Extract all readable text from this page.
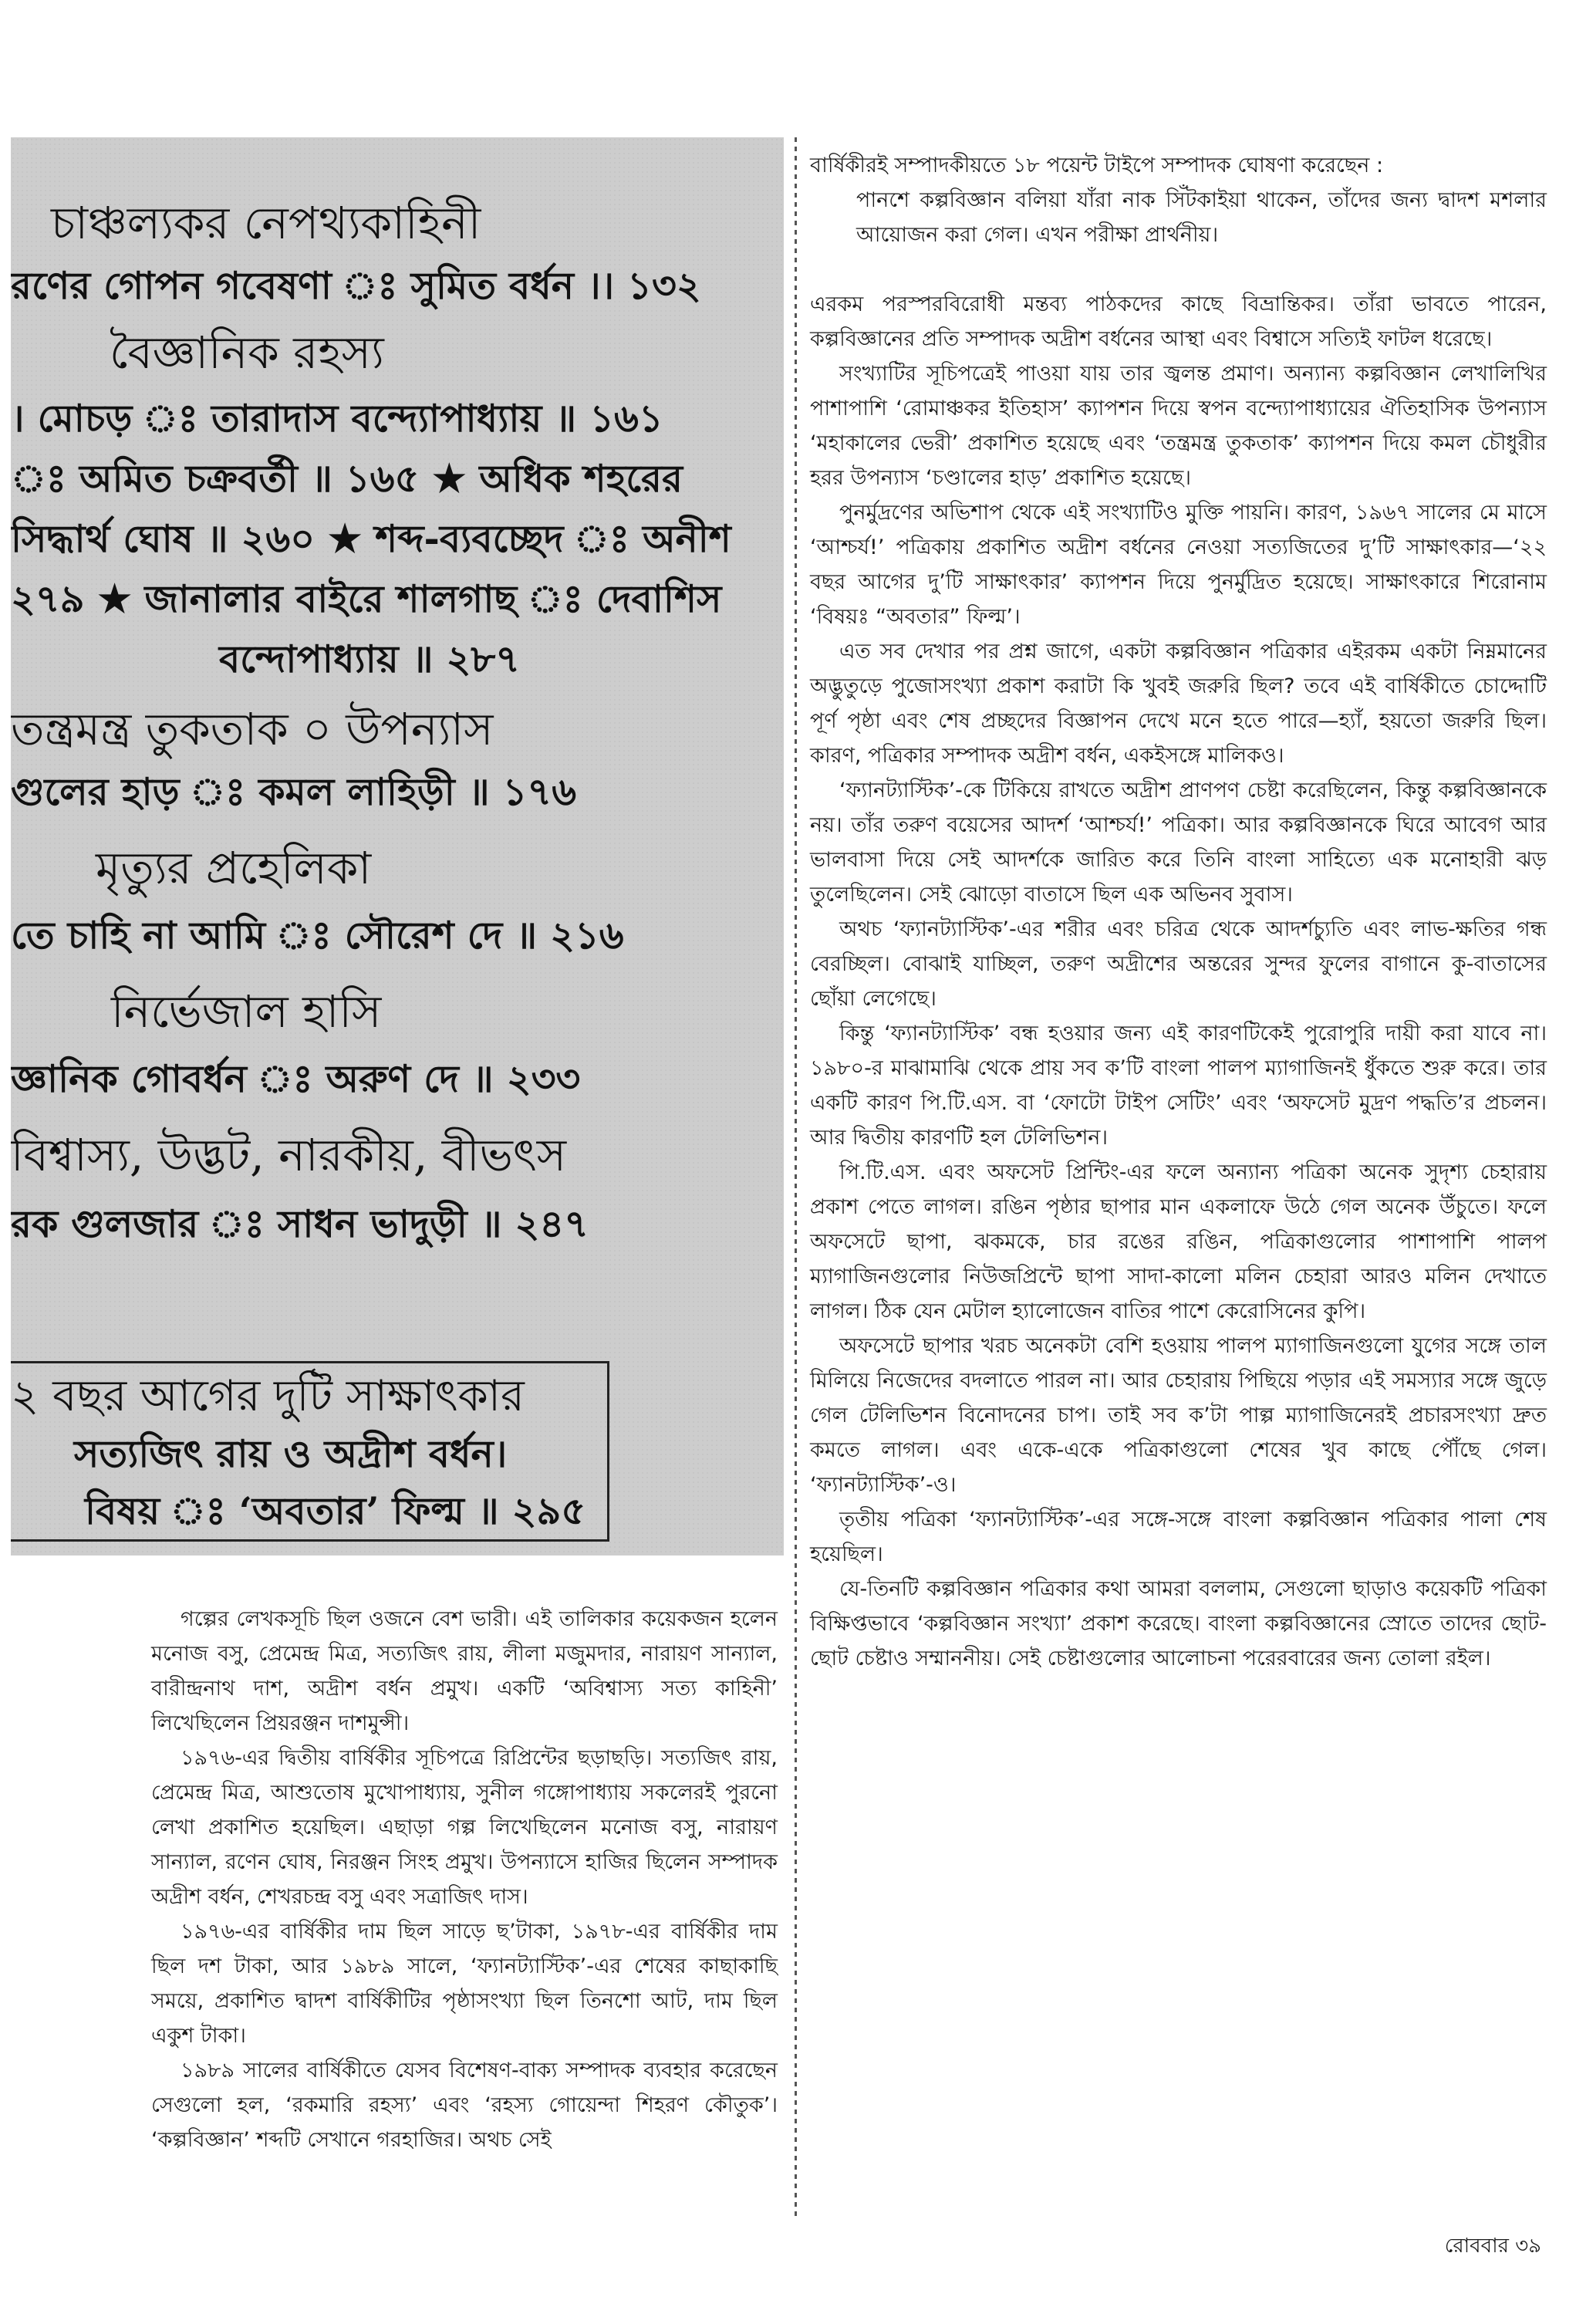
চাঞ্চল্যকর নেপথ্যকাহিনী
রণের গোপন গবেষণা ঃ সুমিত বর্ধন ।। ১৩২
বৈজ্ঞানিক রহস্য
। মোচড় ঃ তারাদাস বন্দ্যোপাধ্যায় ॥ ১৬১
ঃ অমিত চক্রবর্তী ॥ ১৬৫ ★ অধিক শহরের
সিদ্ধার্থ ঘোষ ॥ ২৬০ ★ শব্দ-ব্যবচ্ছেদ ঃ অনীশ
২৭৯ ★ জানালার বাইরে শালগাছ ঃ দেবাশিস
বন্দোপাধ্যায় ॥ ২৮৭
তন্ত্রমন্ত্র তুকতাক ০ উপন্যাস
গুলের হাড় ঃ কমল লাহিড়ী ॥ ১৭৬
মৃত্যুর প্রহেলিকা
তে চাহি না আমি ঃ সৌরেশ দে ॥ ২১৬
নির্ভেজাল হাসি
জ্ঞানিক গোবর্ধন ঃ অরুণ দে ॥ ২৩৩
বিশ্বাস্য, উদ্ভট, নারকীয়, বীভৎস
রক গুলজার ঃ সাধন ভাদুড়ী ॥ ২৪৭
২ বছর আগের দুটি সাক্ষাৎকার
সত্যজিৎ রায় ও অদ্রীশ বর্ধন।
বিষয় ঃ ‘অবতার’ ফিল্ম ॥ ২৯৫

গল্পের লেখকসূচি ছিল ওজনে বেশ ভারী। এই তালিকার কয়েকজন হলেন মনোজ বসু, প্রেমেন্দ্র মিত্র, সত্যজিৎ রায়, লীলা মজুমদার, নারায়ণ সান্যাল, বারীন্দ্রনাথ দাশ, অদ্রীশ বর্ধন প্রমুখ। একটি ‘অবিশ্বাস্য সত্য কাহিনী’ লিখেছিলেন প্রিয়রঞ্জন দাশমুন্সী।

১৯৭৬-এর দ্বিতীয় বার্ষিকীর সূচিপত্রে রিপ্রিন্টের ছড়াছড়ি। সত্যজিৎ রায়, প্রেমেন্দ্র মিত্র, আশুতোষ মুখোপাধ্যায়, সুনীল গঙ্গোপাধ্যায় সকলেরই পুরনো লেখা প্রকাশিত হয়েছিল। এছাড়া গল্প লিখেছিলেন মনোজ বসু, নারায়ণ সান্যাল, রণেন ঘোষ, নিরঞ্জন সিংহ প্রমুখ। উপন্যাসে হাজির ছিলেন সম্পাদক অদ্রীশ বর্ধন, শেখরচন্দ্র বসু এবং সত্রাজিৎ দাস।

১৯৭৬-এর বার্ষিকীর দাম ছিল সাড়ে ছ’টাকা, ১৯৭৮-এর বার্ষিকীর দাম ছিল দশ টাকা, আর ১৯৮৯ সালে, ‘ফ্যানট্যাস্টিক’-এর শেষের কাছাকাছি সময়ে, প্রকাশিত দ্বাদশ বার্ষিকীটির পৃষ্ঠাসংখ্যা ছিল তিনশো আট, দাম ছিল একুশ টাকা।

১৯৮৯ সালের বার্ষিকীতে যেসব বিশেষণ-বাক্য সম্পাদক ব্যবহার করেছেন সেগুলো হল, ‘রকমারি রহস্য’ এবং ‘রহস্য গোয়েন্দা শিহরণ কৌতুক’। ‘কল্পবিজ্ঞান’ শব্দটি সেখানে গরহাজির। অথচ সেই

বার্ষিকীরই সম্পাদকীয়তে ১৮ পয়েন্ট টাইপে সম্পাদক ঘোষণা করেছেন :

পানশে কল্পবিজ্ঞান বলিয়া যাঁরা নাক সিঁটকাইয়া থাকেন, তাঁদের জন্য দ্বাদশ মশলার আয়োজন করা গেল। এখন পরীক্ষা প্রার্থনীয়।

এরকম পরস্পরবিরোধী মন্তব্য পাঠকদের কাছে বিভ্রান্তিকর। তাঁরা ভাবতে পারেন, কল্পবিজ্ঞানের প্রতি সম্পাদক অদ্রীশ বর্ধনের আস্থা এবং বিশ্বাসে সত্যিই ফাটল ধরেছে।

সংখ্যাটির সূচিপত্রেই পাওয়া যায় তার জ্বলন্ত প্রমাণ। অন্যান্য কল্পবিজ্ঞান লেখালিখির পাশাপাশি ‘রোমাঞ্চকর ইতিহাস’ ক্যাপশন দিয়ে স্বপন বন্দ্যোপাধ্যায়ের ঐতিহাসিক উপন্যাস ‘মহাকালের ভেরী’ প্রকাশিত হয়েছে এবং ‘তন্ত্রমন্ত্র তুকতাক’ ক্যাপশন দিয়ে কমল চৌধুরীর হরর উপন্যাস ‘চণ্ডালের হাড়’ প্রকাশিত হয়েছে।

পুনর্মুদ্রণের অভিশাপ থেকে এই সংখ্যাটিও মুক্তি পায়নি। কারণ, ১৯৬৭ সালের মে মাসে ‘আশ্চর্য!’ পত্রিকায় প্রকাশিত অদ্রীশ বর্ধনের নেওয়া সত্যজিতের দু’টি সাক্ষাৎকার—‘২২ বছর আগের দু’টি সাক্ষাৎকার’ ক্যাপশন দিয়ে পুনর্মুদ্রিত হয়েছে। সাক্ষাৎকারে শিরোনাম ‘বিষয়ঃ “অবতার” ফিল্ম’।

এত সব দেখার পর প্রশ্ন জাগে, একটা কল্পবিজ্ঞান পত্রিকার এইরকম একটা নিম্নমানের অদ্ভুতুড়ে পুজোসংখ্যা প্রকাশ করাটা কি খুবই জরুরি ছিল? তবে এই বার্ষিকীতে চোদ্দোটি পূর্ণ পৃষ্ঠা এবং শেষ প্রচ্ছদের বিজ্ঞাপন দেখে মনে হতে পারে—হ্যাঁ, হয়তো জরুরি ছিল। কারণ, পত্রিকার সম্পাদক অদ্রীশ বর্ধন, একইসঙ্গে মালিকও।

‘ফ্যানট্যাস্টিক’-কে টিকিয়ে রাখতে অদ্রীশ প্রাণপণ চেষ্টা করেছিলেন, কিন্তু কল্পবিজ্ঞানকে নয়। তাঁর তরুণ বয়েসের আদর্শ ‘আশ্চর্য!’ পত্রিকা। আর কল্পবিজ্ঞানকে ঘিরে আবেগ আর ভালবাসা দিয়ে সেই আদর্শকে জারিত করে তিনি বাংলা সাহিত্যে এক মনোহারী ঝড় তুলেছিলেন। সেই ঝোড়ো বাতাসে ছিল এক অভিনব সুবাস।

অথচ ‘ফ্যানট্যাস্টিক’-এর শরীর এবং চরিত্র থেকে আদর্শচ্যুতি এবং লাভ-ক্ষতির গন্ধ বেরচ্ছিল। বোঝাই যাচ্ছিল, তরুণ অদ্রীশের অন্তরের সুন্দর ফুলের বাগানে কু-বাতাসের ছোঁয়া লেগেছে।

কিন্তু ‘ফ্যানট্যাস্টিক’ বন্ধ হওয়ার জন্য এই কারণটিকেই পুরোপুরি দায়ী করা যাবে না। ১৯৮০-র মাঝামাঝি থেকে প্রায় সব ক’টি বাংলা পালপ ম্যাগাজিনই ধুঁকতে শুরু করে। তার একটি কারণ পি.টি.এস. বা ‘ফোটো টাইপ সেটিং’ এবং ‘অফসেট মুদ্রণ পদ্ধতি’র প্রচলন। আর দ্বিতীয় কারণটি হল টেলিভিশন।

পি.টি.এস. এবং অফসেট প্রিন্টিং-এর ফলে অন্যান্য পত্রিকা অনেক সুদৃশ্য চেহারায় প্রকাশ পেতে লাগল। রঙিন পৃষ্ঠার ছাপার মান একলাফে উঠে গেল অনেক উঁচুতে। ফলে অফসেটে ছাপা, ঝকমকে, চার রঙের রঙিন, পত্রিকাগুলোর পাশাপাশি পালপ ম্যাগাজিনগুলোর নিউজপ্রিন্টে ছাপা সাদা-কালো মলিন চেহারা আরও মলিন দেখাতে লাগল। ঠিক যেন মেটাল হ্যালোজেন বাতির পাশে কেরোসিনের কুপি।

অফসেটে ছাপার খরচ অনেকটা বেশি হওয়ায় পালপ ম্যাগাজিনগুলো যুগের সঙ্গে তাল মিলিয়ে নিজেদের বদলাতে পারল না। আর চেহারায় পিছিয়ে পড়ার এই সমস্যার সঙ্গে জুড়ে গেল টেলিভিশন বিনোদনের চাপ। তাই সব ক’টা পাল্প ম্যাগাজিনেরই প্রচারসংখ্যা দ্রুত কমতে লাগল। এবং একে-একে পত্রিকাগুলো শেষের খুব কাছে পৌঁছে গেল। ‘ফ্যানট্যাস্টিক’-ও।

তৃতীয় পত্রিকা ‘ফ্যানট্যাস্টিক’-এর সঙ্গে-সঙ্গে বাংলা কল্পবিজ্ঞান পত্রিকার পালা শেষ হয়েছিল।

যে-তিনটি কল্পবিজ্ঞান পত্রিকার কথা আমরা বললাম, সেগুলো ছাড়াও কয়েকটি পত্রিকা বিক্ষিপ্তভাবে ‘কল্পবিজ্ঞান সংখ্যা’ প্রকাশ করেছে। বাংলা কল্পবিজ্ঞানের স্রোতে তাদের ছোট-ছোট চেষ্টাও সম্মাননীয়। সেই চেষ্টাগুলোর আলোচনা পরেরবারের জন্য তোলা রইল।

রোববার ৩৯
